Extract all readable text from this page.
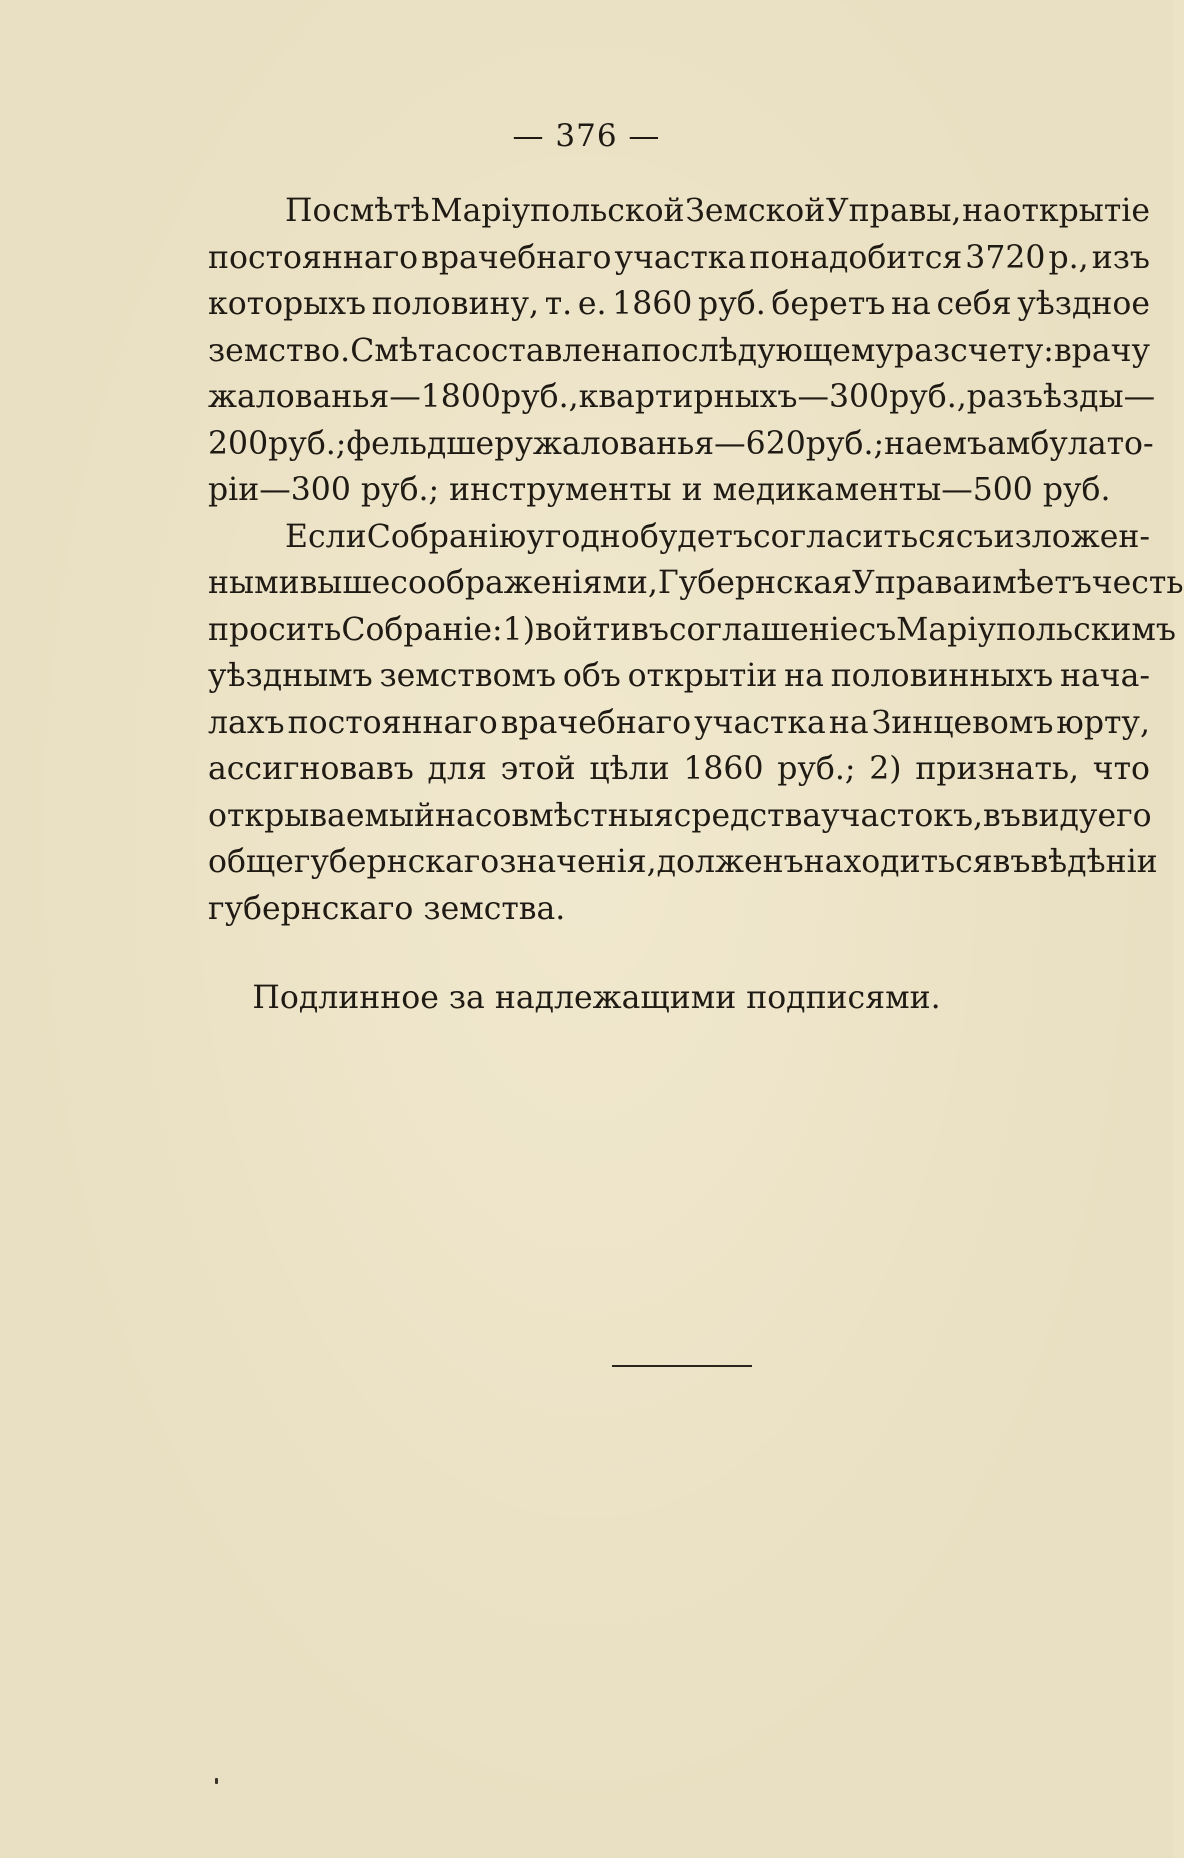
— 376 —
По смѣтѣ Маріупольской Земской Управы, на открытіе
постояннаго врачебнаго участка понадобится 3720 р., изъ
которыхъ половину, т. е. 1860 руб. беретъ на себя уѣздное
земство. Смѣта составлена по слѣдующему разсчету: врачу
жалованья—1800 руб., квартирныхъ—300 руб., разъѣзды—
200 руб.; фельдшеру жалованья—620 руб.; наемъ амбулато-
ріи—300 руб.; инструменты и медикаменты—500 руб.
Если Собранію угодно будетъ согласиться съ изложен-
ными выше соображеніями, Губернская Управа имѣетъ честь
просить Собраніе: 1) войти въ соглашеніе съ Маріупольскимъ
уѣзднымъ земствомъ объ открытіи на половинныхъ нача-
лахъ постояннаго врачебнаго участка на Зинцевомъ юрту,
ассигновавъ для этой цѣли 1860 руб.; 2) признать, что
открываемый на совмѣстныя средства участокъ, въ виду его
общегубернскаго значенія, долженъ находиться въ вѣдѣніи
губернскаго земства.
Подлинное за надлежащими подписями.
